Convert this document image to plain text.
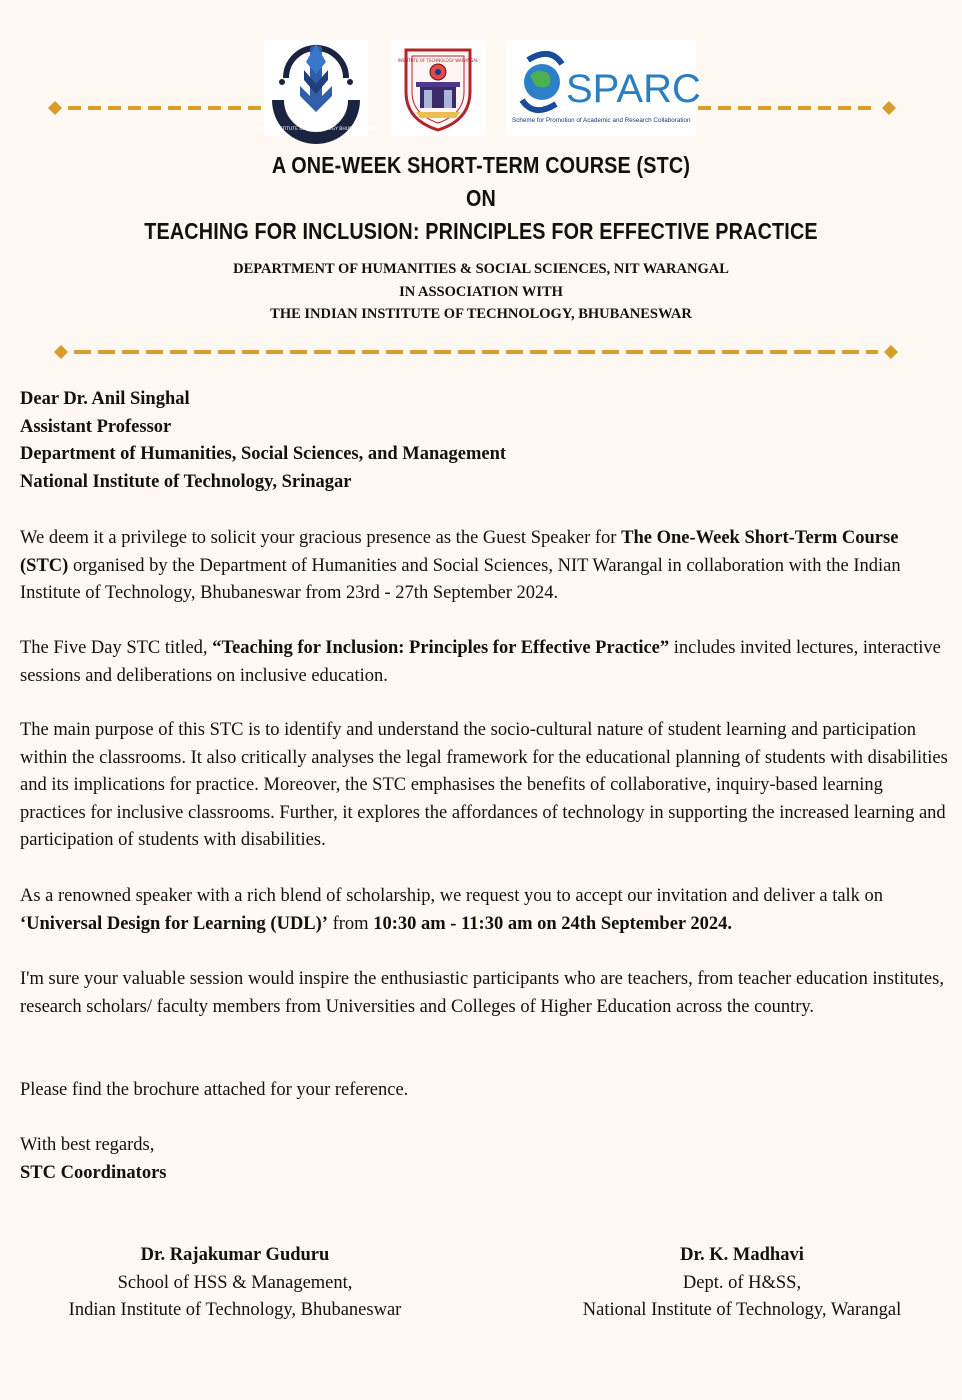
INDIAN INSTITUTE OF TECHNOLOGY BHUBANESWAR
INSTITUTE OF TECHNOLOGY WARANGAL
SPARC
Scheme for Promotion of Academic and Research Collaboration
A ONE-WEEK SHORT-TERM COURSE (STC)
ON
TEACHING FOR INCLUSION: PRINCIPLES FOR EFFECTIVE PRACTICE
DEPARTMENT OF HUMANITIES & SOCIAL SCIENCES, NIT WARANGAL
IN ASSOCIATION WITH
THE INDIAN INSTITUTE OF TECHNOLOGY, BHUBANESWAR
Dear Dr. Anil Singhal
Assistant Professor
Department of Humanities, Social Sciences, and Management
National Institute of Technology, Srinagar
We deem it a privilege to solicit your gracious presence as the Guest Speaker for The One-Week Short-Term Course (STC) organised by the Department of Humanities and Social Sciences, NIT Warangal in collaboration with the Indian Institute of Technology, Bhubaneswar from 23rd - 27th September 2024.
The Five Day STC titled, “Teaching for Inclusion: Principles for Effective Practice” includes invited lectures, interactive sessions and deliberations on inclusive education.
The main purpose of this STC is to identify and understand the socio-cultural nature of student learning and participation within the classrooms. It also critically analyses the legal framework for the educational planning of students with disabilities and its implications for practice. Moreover, the STC emphasises the benefits of collaborative, inquiry-based learning practices for inclusive classrooms. Further, it explores the affordances of technology in supporting the increased learning and participation of students with disabilities.
As a renowned speaker with a rich blend of scholarship, we request you to accept our invitation and deliver a talk on ‘Universal Design for Learning (UDL)’ from 10:30 am - 11:30 am on 24th September 2024.
I'm sure your valuable session would inspire the enthusiastic participants who are teachers, from teacher education institutes, research scholars/ faculty members from Universities and Colleges of Higher Education across the country.
Please find the brochure attached for your reference.
With best regards,
STC Coordinators
Dr. Rajakumar Guduru
School of HSS & Management,
Indian Institute of Technology, Bhubaneswar
Dr. K. Madhavi
Dept. of H&SS,
National Institute of Technology, Warangal
